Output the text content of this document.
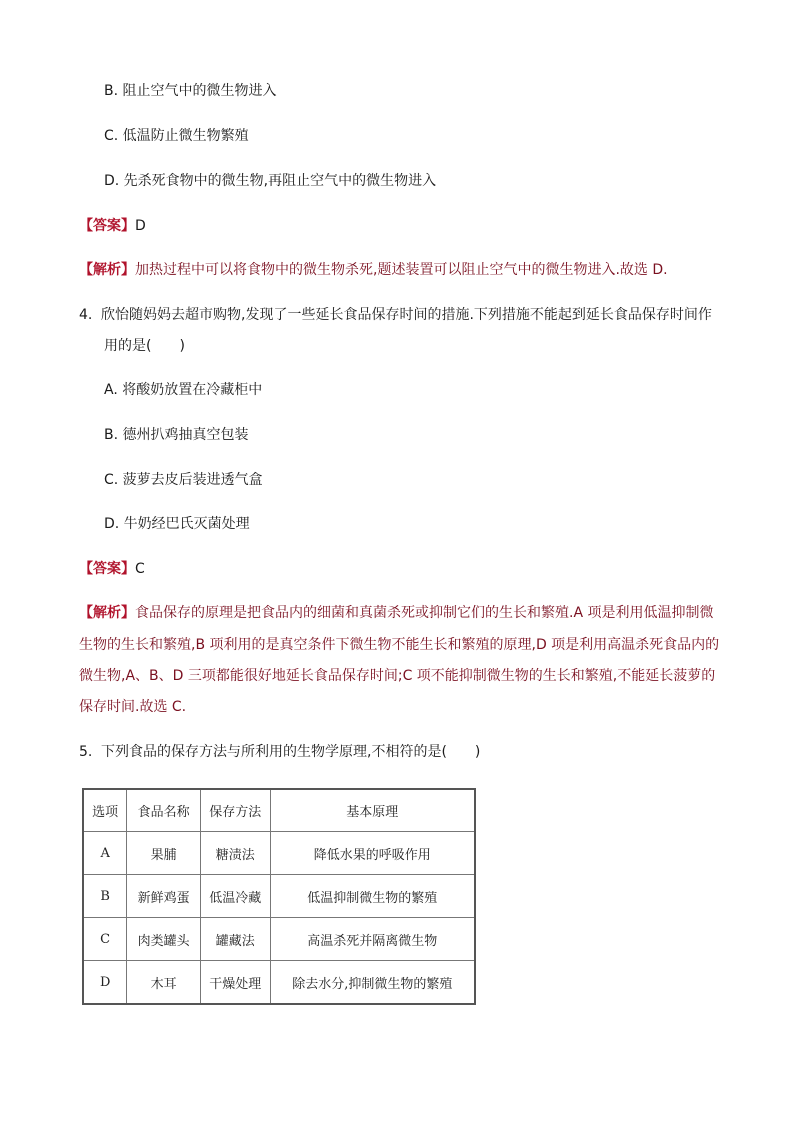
B. 阻止空气中的微生物进入
C. 低温防止微生物繁殖
D. 先杀死食物中的微生物,再阻止空气中的微生物进入
【答案】D
【解析】加热过程中可以将食物中的微生物杀死,题述装置可以阻止空气中的微生物进入.故选 D.
4. 欣怡随妈妈去超市购物,发现了一些延长食品保存时间的措施.下列措施不能起到延长食品保存时间作
用的是(　　)
A. 将酸奶放置在冷藏柜中
B. 德州扒鸡抽真空包装
C. 菠萝去皮后装进透气盒
D. 牛奶经巴氏灭菌处理
【答案】C
【解析】食品保存的原理是把食品内的细菌和真菌杀死或抑制它们的生长和繁殖.A 项是利用低温抑制微
生物的生长和繁殖,B 项利用的是真空条件下微生物不能生长和繁殖的原理,D 项是利用高温杀死食品内的
微生物,A、B、D 三项都能很好地延长食品保存时间;C 项不能抑制微生物的生长和繁殖,不能延长菠萝的
保存时间.故选 C.
5. 下列食品的保存方法与所利用的生物学原理,不相符的是(　　)
选项	食品名称	保存方法	基本原理
A	果脯	糖渍法	降低水果的呼吸作用
B	新鲜鸡蛋	低温冷藏	低温抑制微生物的繁殖
C	肉类罐头	罐藏法	高温杀死并隔离微生物
D	木耳	干燥处理	除去水分,抑制微生物的繁殖
